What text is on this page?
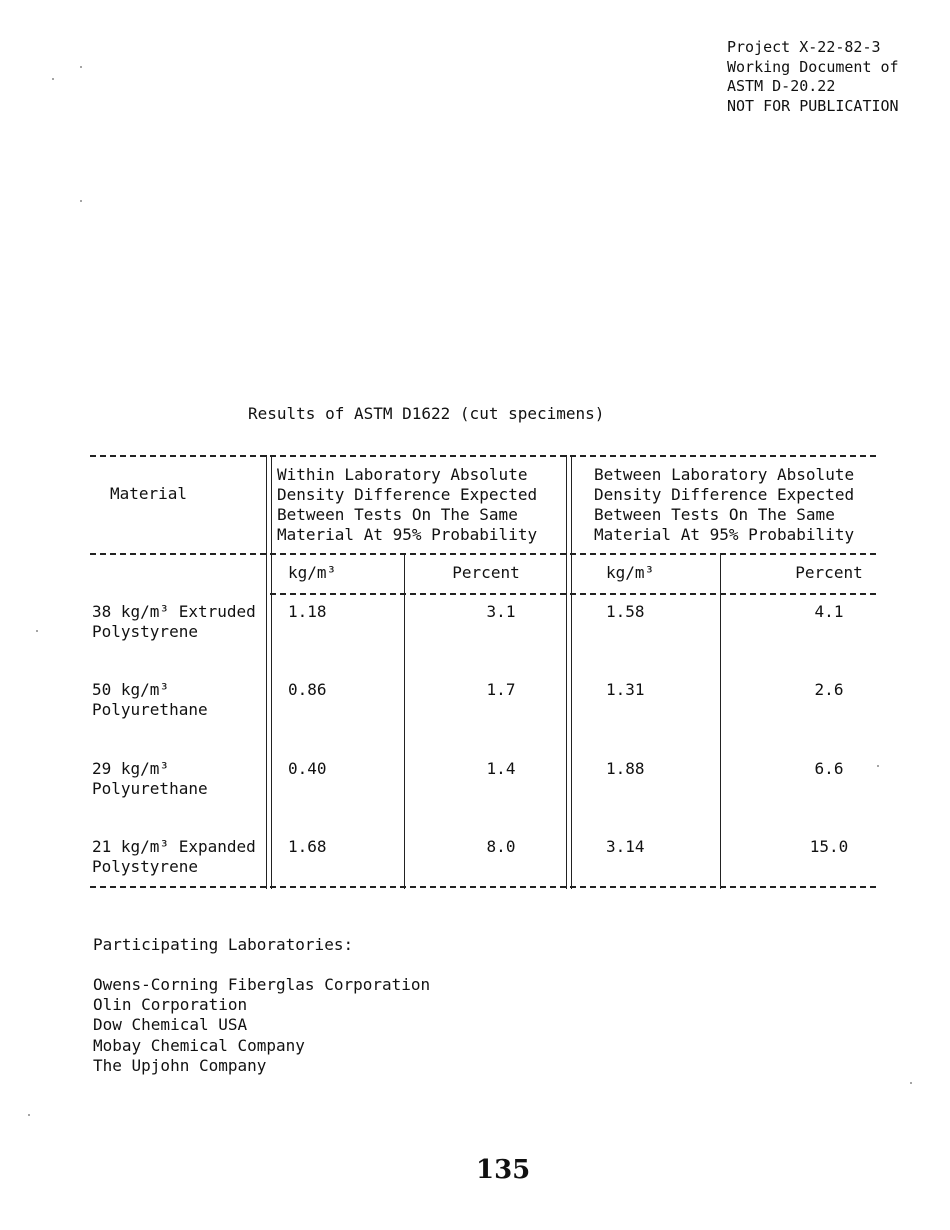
Project X-22-82-3
Working Document of
ASTM D-20.22
NOT FOR PUBLICATION
Results of ASTM D1622 (cut specimens)
Material
Within Laboratory Absolute
Density Difference Expected
Between Tests On The Same
Material At 95% Probability
Between Laboratory Absolute
Density Difference Expected
Between Tests On The Same
Material At 95% Probability
kg/m³	Percent	kg/m³	Percent
38 kg/m³ Extruded
Polystyrene
1.18	3.1	1.58	4.1
50 kg/m³
Polyurethane
0.86	1.7	1.31	2.6
29 kg/m³
Polyurethane
0.40	1.4	1.88	6.6
21 kg/m³ Expanded
Polystyrene
1.68	8.0	3.14	15.0
Participating Laboratories:
Owens-Corning Fiberglas Corporation
Olin Corporation
Dow Chemical USA
Mobay Chemical Company
The Upjohn Company
135
